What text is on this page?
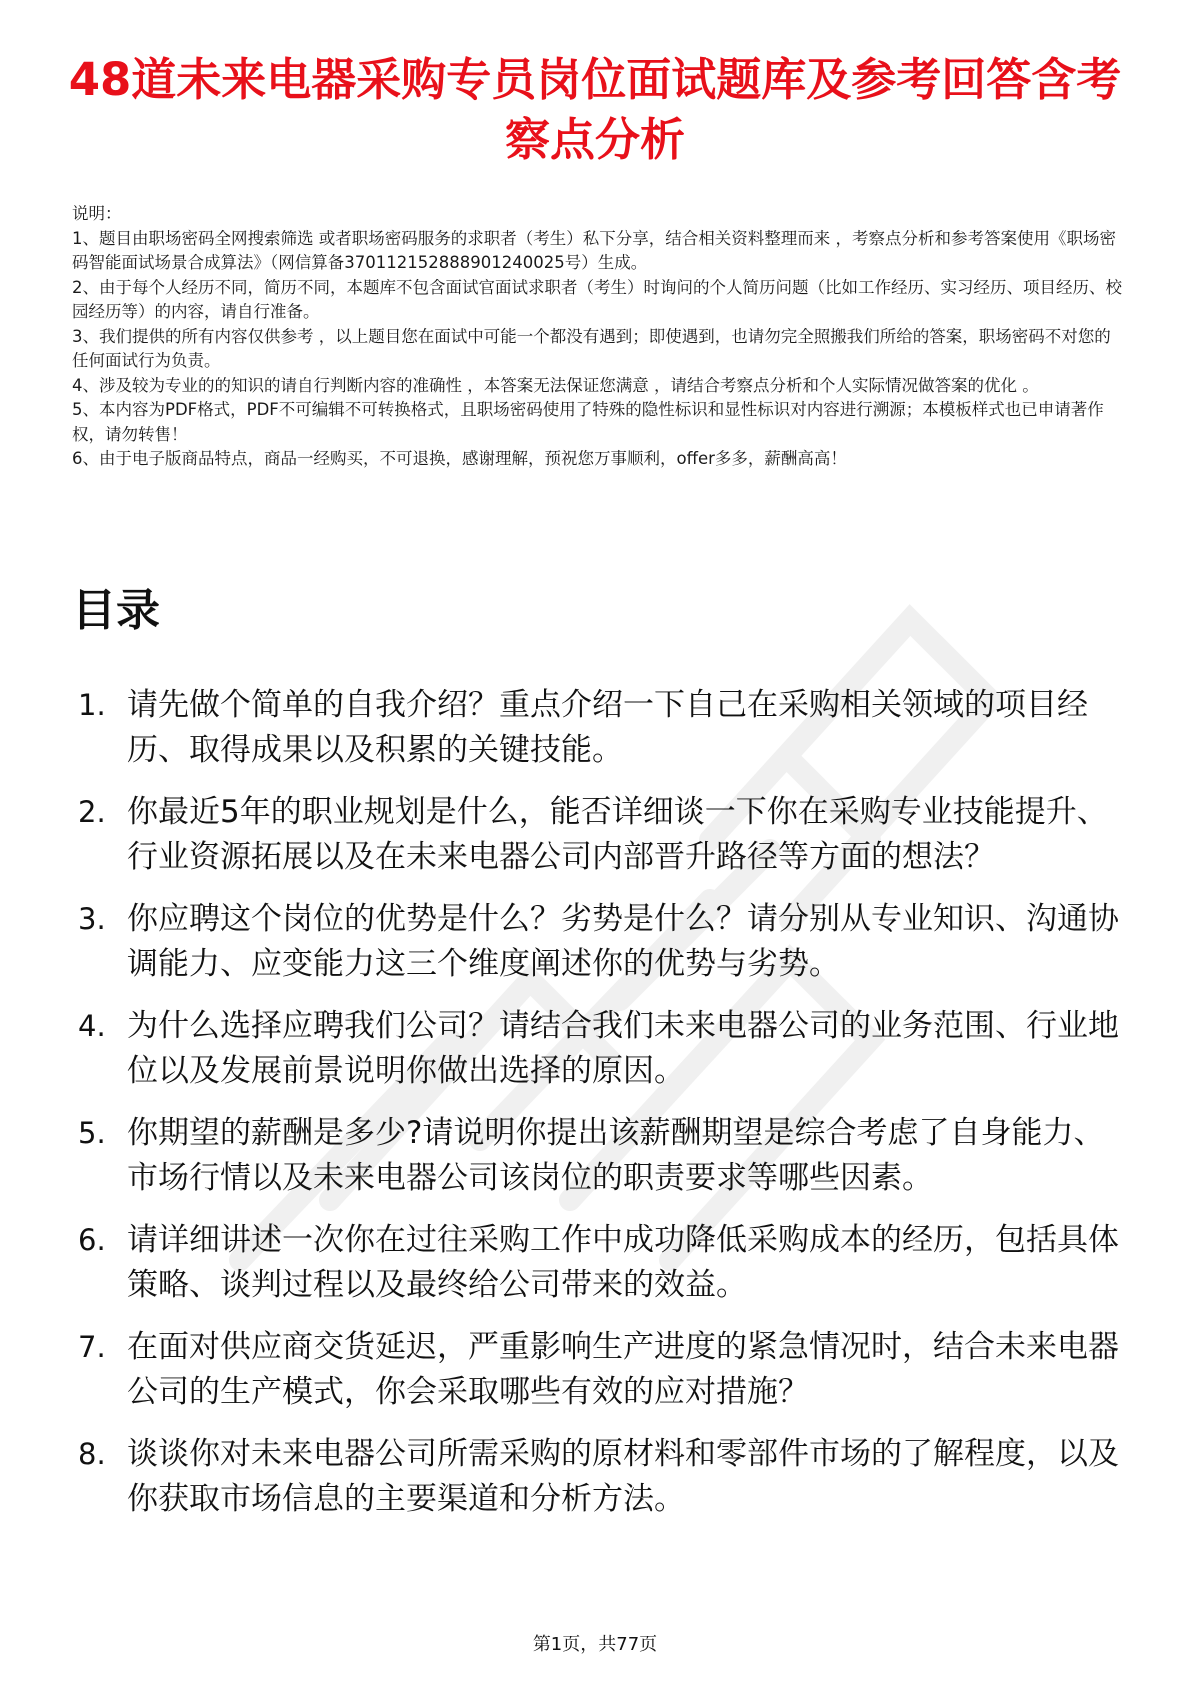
48道未来电器采购专员岗位面试题库及参考回答含考察点分析

说明：

1、题目由职场密码全网搜索筛选 或者职场密码服务的求职者（考生）私下分享，结合相关资料整理而来 ，考察点分析和参考答案使用《职场密码智能面试场景合成算法》（网信算备370112152888901240025号）生成。

2、由于每个人经历不同，简历不同，本题库不包含面试官面试求职者（考生）时询问的个人简历问题（比如工作经历、实习经历、项目经历、校园经历等）的内容，请自行准备。

3、我们提供的所有内容仅供参考 ，以上题目您在面试中可能一个都没有遇到；即使遇到，也请勿完全照搬我们所给的答案，职场密码不对您的任何面试行为负责。

4、涉及较为专业的的知识的请自行判断内容的准确性 ，本答案无法保证您满意 ，请结合考察点分析和个人实际情况做答案的优化 。

5、本内容为PDF格式，PDF不可编辑不可转换格式，且职场密码使用了特殊的隐性标识和显性标识对内容进行溯源；本模板样式也已申请著作权，请勿转售！

6、由于电子版商品特点，商品一经购买，不可退换，感谢理解，预祝您万事顺利，offer多多，薪酬高高！

目录
1. 请先做个简单的自我介绍？重点介绍一下自己在采购相关领域的项目经历、取得成果以及积累的关键技能。
2. 你最近5年的职业规划是什么，能否详细谈一下你在采购专业技能提升、行业资源拓展以及在未来电器公司内部晋升路径等方面的想法？
3. 你应聘这个岗位的优势是什么？劣势是什么？请分别从专业知识、沟通协调能力、应变能力这三个维度阐述你的优势与劣势。
4. 为什么选择应聘我们公司？请结合我们未来电器公司的业务范围、行业地位以及发展前景说明你做出选择的原因。
5. 你期望的薪酬是多少?请说明你提出该薪酬期望是综合考虑了自身能力、市场行情以及未来电器公司该岗位的职责要求等哪些因素。
6. 请详细讲述一次你在过往采购工作中成功降低采购成本的经历，包括具体策略、谈判过程以及最终给公司带来的效益。
7. 在面对供应商交货延迟，严重影响生产进度的紧急情况时，结合未来电器公司的生产模式，你会采取哪些有效的应对措施？
8. 谈谈你对未来电器公司所需采购的原材料和零部件市场的了解程度，以及你获取市场信息的主要渠道和分析方法。
第1页，共77页
